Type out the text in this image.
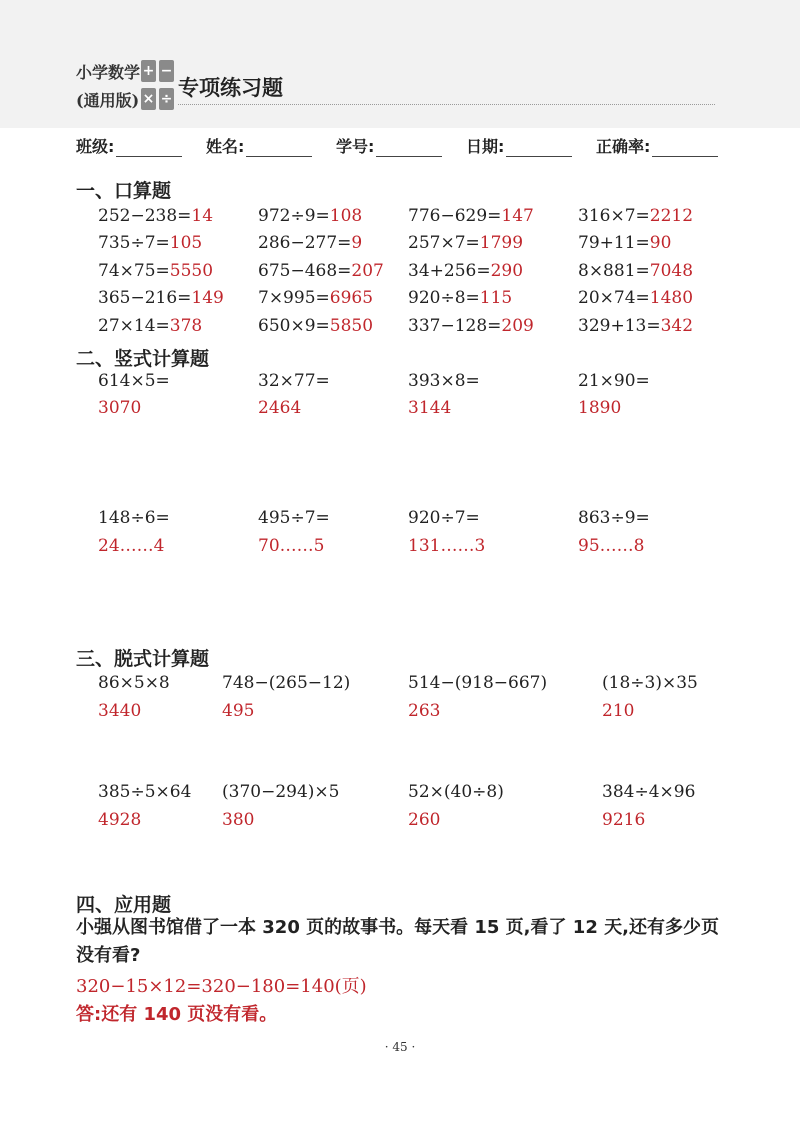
小学数学
(通用版)
+ −
× ÷ 专项练习题
班级:	姓名:	学号:	日期:	正确率:
一、口算题
252−238=14	972÷9=108	776−629=147	316×7=2212
735÷7=105	286−277=9	257×7=1799	79+11=90
74×75=5550	675−468=207 34+256=290	8×881=7048
365−216=149 7×995=6965 920÷8=115	20×74=1480
27×14=378	650×9=5850 337−128=209	329+13=342
二、竖式计算题
614×5=	32×77=	393×8=	21×90=
3070	2464	3144	1890
148÷6=	495÷7=	920÷7=	863÷9=
24……4	70……5	131……3	95……8
三、脱式计算题
86×5×8	748−(265−12)	514−(918−667)	(18÷3)×35
3440	495	263	210
385÷5×64 (370−294)×5	52×(40÷8)	384÷4×96
4928	380	260	9216
四、应用题
小强从图书馆借了一本 320 页的故事书。每天看 15 页,看了 12 天,还有多少页没有看?
320−15×12=320−180=140(页)
答:还有 140 页没有看。
· 45 ·
